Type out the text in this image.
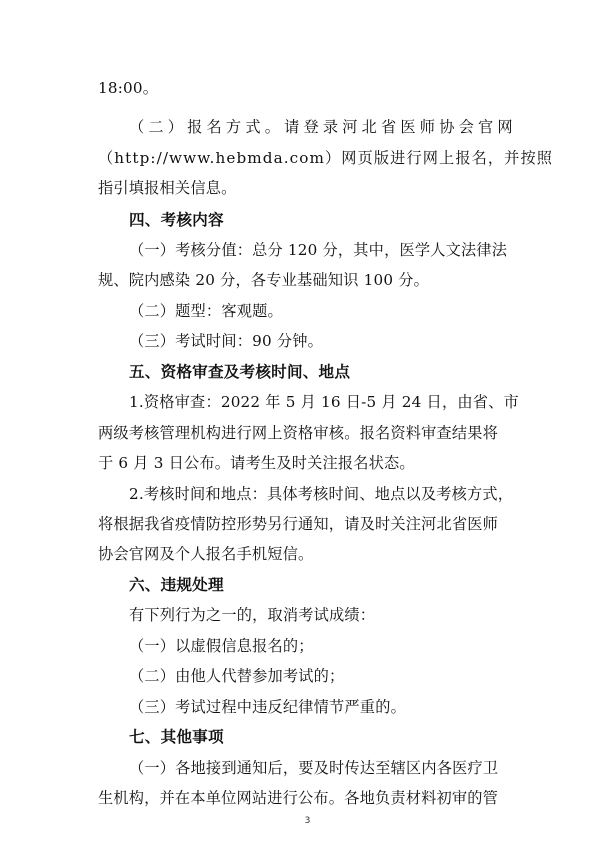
18:00。
（二）报名方式。请登录河北省医师协会官网
（http://www.hebmda.com）网页版进行网上报名，并按照
指引填报相关信息。
四、考核内容
（一）考核分值：总分 120 分，其中，医学人文法律法
规、院内感染 20 分，各专业基础知识 100 分。
（二）题型：客观题。
（三）考试时间：90 分钟。
五、资格审查及考核时间、地点
1.资格审查：2022 年 5 月 16 日-5 月 24 日，由省、市
两级考核管理机构进行网上资格审核。报名资料审查结果将
于 6 月 3 日公布。请考生及时关注报名状态。
2.考核时间和地点：具体考核时间、地点以及考核方式，
将根据我省疫情防控形势另行通知，请及时关注河北省医师
协会官网及个人报名手机短信。
六、违规处理
有下列行为之一的，取消考试成绩：
（一）以虚假信息报名的；
（二）由他人代替参加考试的；
（三）考试过程中违反纪律情节严重的。
七、其他事项
（一）各地接到通知后，要及时传达至辖区内各医疗卫
生机构，并在本单位网站进行公布。各地负责材料初审的管
3
